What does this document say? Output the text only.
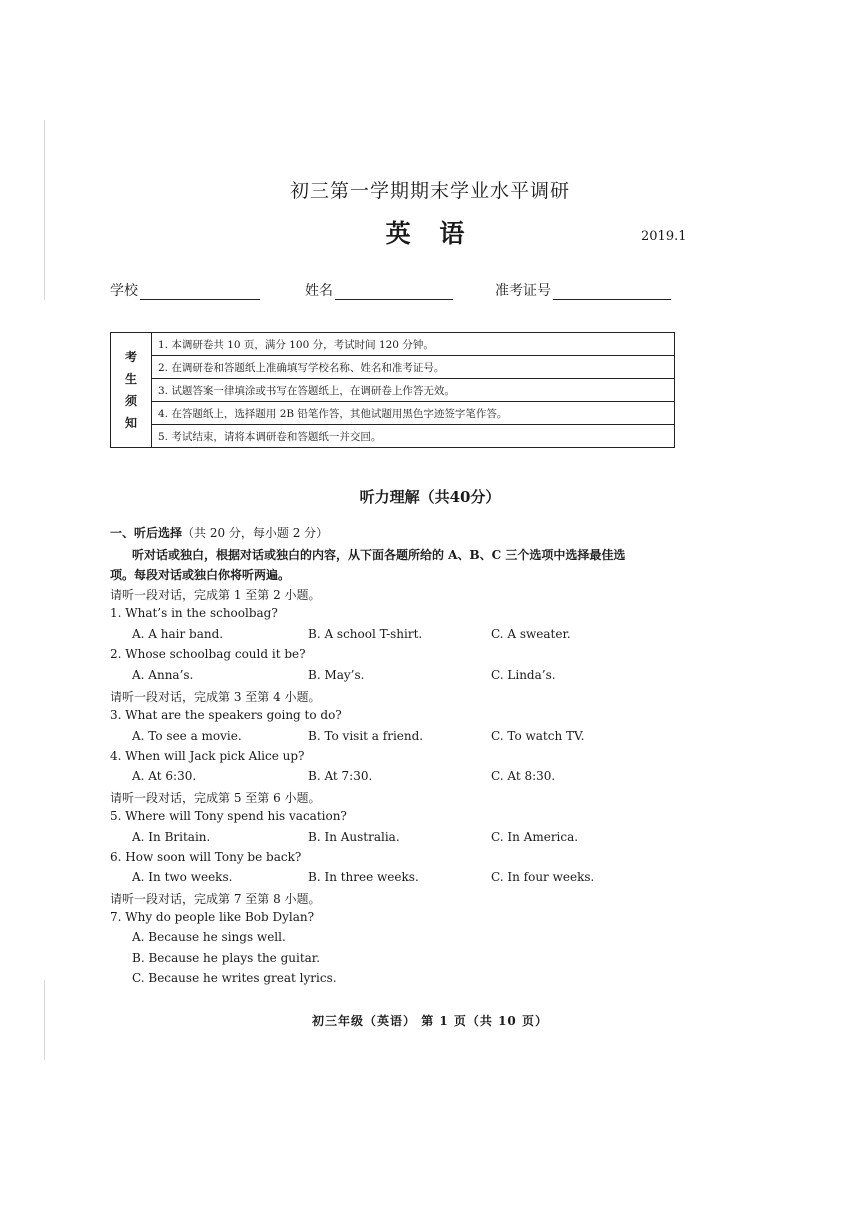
初三第一学期期末学业水平调研
英 语	2019.1
学校	姓名	准考证号
考
生
须
知
1. 本调研卷共 10 页，满分 100 分，考试时间 120 分钟。
2. 在调研卷和答题纸上准确填写学校名称、姓名和准考证号。
3. 试题答案一律填涂或书写在答题纸上，在调研卷上作答无效。
4. 在答题纸上，选择题用 2B 铅笔作答，其他试题用黑色字迹签字笔作答。
5. 考试结束，请将本调研卷和答题纸一并交回。
听力理解（共40分）
一、听后选择（共 20 分，每小题 2 分）
听对话或独白，根据对话或独白的内容，从下面各题所给的 A、B、C 三个选项中选择最佳选
项。每段对话或独白你将听两遍。
请听一段对话，完成第 1 至第 2 小题。
1. What’s in the schoolbag?
A. A hair band.	B. A school T-shirt.	C. A sweater.
2. Whose schoolbag could it be?
A. Anna’s.	B. May’s.	C. Linda’s.
请听一段对话，完成第 3 至第 4 小题。
3. What are the speakers going to do?
A. To see a movie.	B. To visit a friend.	C. To watch TV.
4. When will Jack pick Alice up?
A. At 6:30.	B. At 7:30.	C. At 8:30.
请听一段对话，完成第 5 至第 6 小题。
5. Where will Tony spend his vacation?
A. In Britain.	B. In Australia.	C. In America.
6. How soon will Tony be back?
A. In two weeks.	B. In three weeks.	C. In four weeks.
请听一段对话，完成第 7 至第 8 小题。
7. Why do people like Bob Dylan?
A. Because he sings well.
B. Because he plays the guitar.
C. Because he writes great lyrics.
初三年级（英语） 第 1 页（共 10 页）
